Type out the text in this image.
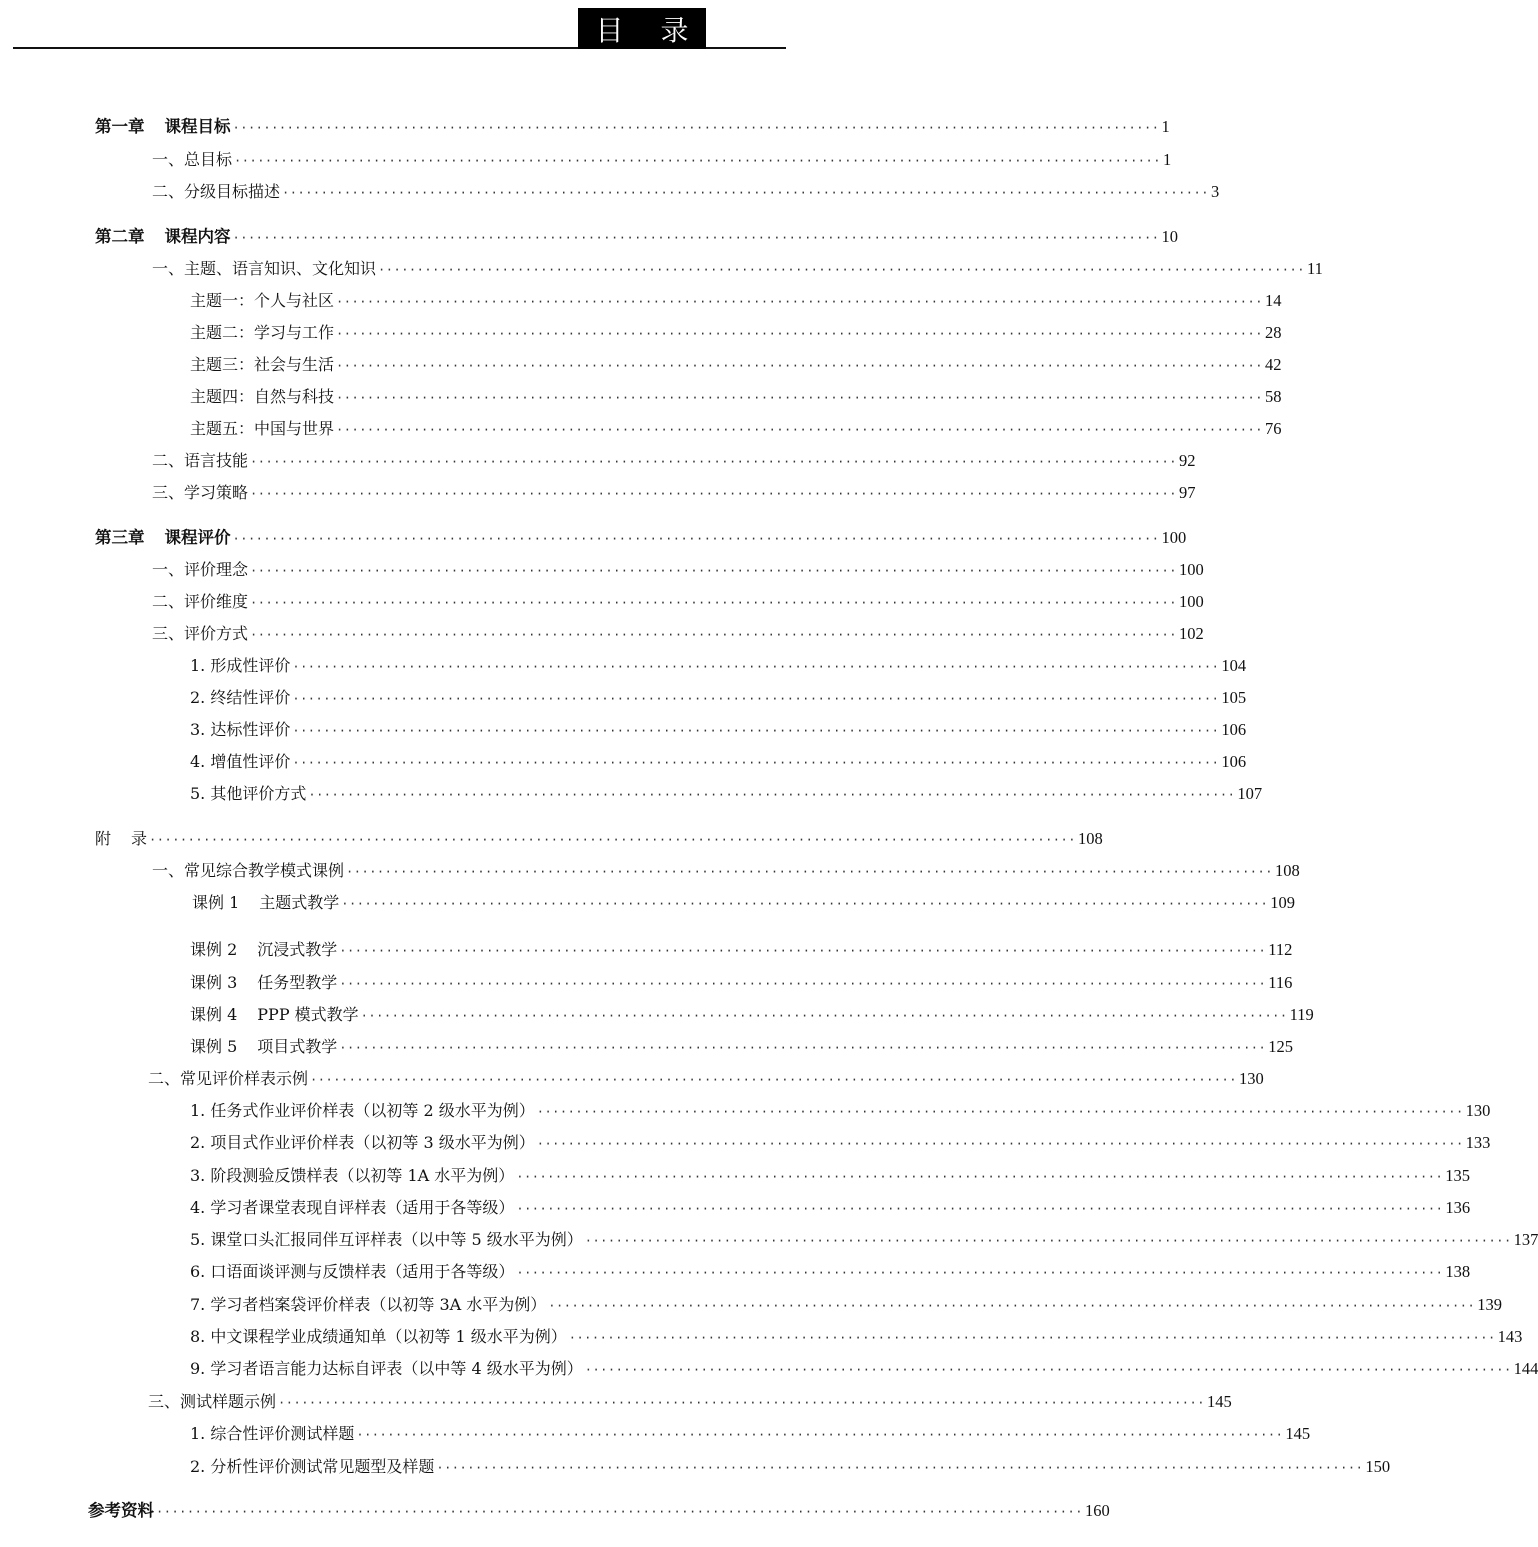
目 录
第一章 课程目标 ························································································································ 1
一、总目标 ························································································································ 1
二、分级目标描述 ························································································································ 3
第二章 课程内容 ························································································································ 10
一、主题、语言知识、文化知识 ························································································································ 11
主题一：个人与社区 ························································································································ 14
主题二：学习与工作 ························································································································ 28
主题三：社会与生活 ························································································································ 42
主题四：自然与科技 ························································································································ 58
主题五：中国与世界 ························································································································ 76
二、语言技能 ························································································································ 92
三、学习策略 ························································································································ 97
第三章 课程评价 ························································································································ 100
一、评价理念 ························································································································ 100
二、评价维度 ························································································································ 100
三、评价方式 ························································································································ 102
1. 形成性评价 ························································································································ 104
2. 终结性评价 ························································································································ 105
3. 达标性评价 ························································································································ 106
4. 增值性评价 ························································································································ 106
5. 其他评价方式 ························································································································ 107
附 录 ························································································································ 108
一、常见综合教学模式课例 ························································································································ 108
课例 1 主题式教学 ························································································································ 109
课例 2 沉浸式教学 ························································································································ 112
课例 3 任务型教学 ························································································································ 116
课例 4 PPP 模式教学 ························································································································ 119
课例 5 项目式教学 ························································································································ 125
二、常见评价样表示例 ························································································································ 130
1. 任务式作业评价样表（以初等 2 级水平为例） ························································································································ 130
2. 项目式作业评价样表（以初等 3 级水平为例） ························································································································ 133
3. 阶段测验反馈样表（以初等 1A 水平为例） ························································································································ 135
4. 学习者课堂表现自评样表（适用于各等级） ························································································································ 136
5. 课堂口头汇报同伴互评样表（以中等 5 级水平为例） ························································································································ 137
6. 口语面谈评测与反馈样表（适用于各等级） ························································································································ 138
7. 学习者档案袋评价样表（以初等 3A 水平为例） ························································································································ 139
8. 中文课程学业成绩通知单（以初等 1 级水平为例） ························································································································ 143
9. 学习者语言能力达标自评表（以中等 4 级水平为例） ························································································································ 144
三、测试样题示例 ························································································································ 145
1. 综合性评价测试样题 ························································································································ 145
2. 分析性评价测试常见题型及样题 ························································································································ 150
参考资料 ························································································································ 160
